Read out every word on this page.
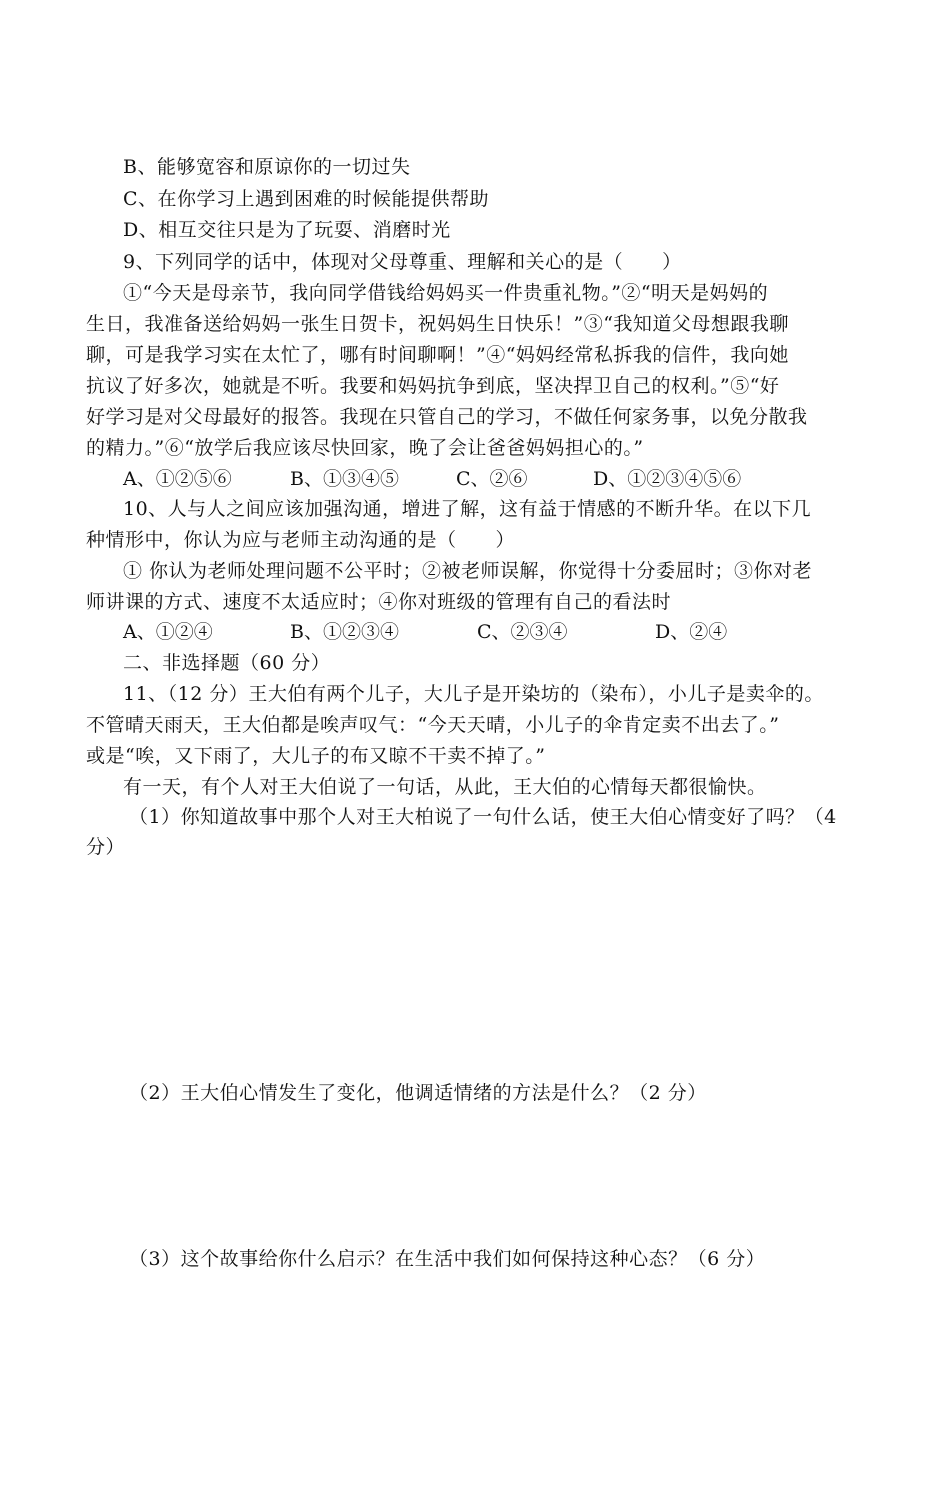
B、能够宽容和原谅你的一切过失
C、在你学习上遇到困难的时候能提供帮助
D、相互交往只是为了玩耍、消磨时光
9、下列同学的话中，体现对父母尊重、理解和关心的是（　　）
①“今天是母亲节，我向同学借钱给妈妈买一件贵重礼物。”②“明天是妈妈的
生日，我准备送给妈妈一张生日贺卡，祝妈妈生日快乐！”③“我知道父母想跟我聊
聊，可是我学习实在太忙了，哪有时间聊啊！”④“妈妈经常私拆我的信件，我向她
抗议了好多次，她就是不听。我要和妈妈抗争到底，坚决捍卫自己的权利。”⑤“好
好学习是对父母最好的报答。我现在只管自己的学习，不做任何家务事，以免分散我
的精力。”⑥“放学后我应该尽快回家，晚了会让爸爸妈妈担心的。”
A、①②⑤⑥	B、①③④⑤	C、②⑥	D、①②③④⑤⑥
10、人与人之间应该加强沟通，增进了解，这有益于情感的不断升华。在以下几
种情形中，你认为应与老师主动沟通的是（　　）
① 你认为老师处理问题不公平时；②被老师误解，你觉得十分委屈时；③你对老
师讲课的方式、速度不太适应时；④你对班级的管理有自己的看法时
A、①②④	B、①②③④	C、②③④	D、②④
二、非选择题（60 分）
11、（12 分）王大伯有两个儿子，大儿子是开染坊的（染布），小儿子是卖伞的。
不管晴天雨天，王大伯都是唉声叹气：“今天天晴，小儿子的伞肯定卖不出去了。”
或是“唉，又下雨了，大儿子的布又晾不干卖不掉了。”
有一天，有个人对王大伯说了一句话，从此，王大伯的心情每天都很愉快。
（1）你知道故事中那个人对王大柏说了一句什么话，使王大伯心情变好了吗？（4
分）
（2）王大伯心情发生了变化，他调适情绪的方法是什么？（2 分）
（3）这个故事给你什么启示？在生活中我们如何保持这种心态？（6 分）
